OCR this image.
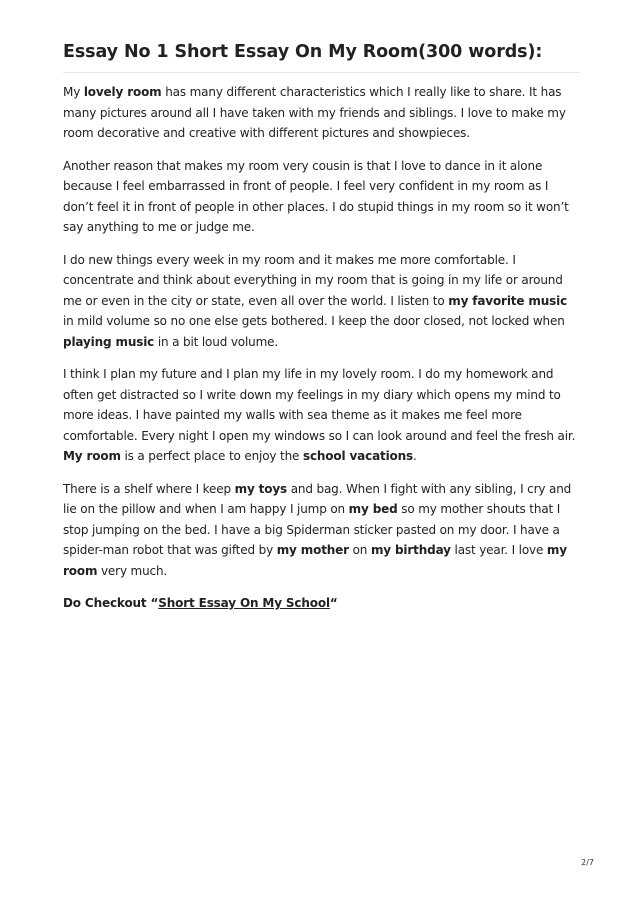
Essay No 1 Short Essay On My Room(300 words):

My lovely room has many different characteristics which I really like to share. It has many pictures around all I have taken with my friends and siblings. I love to make my room decorative and creative with different pictures and showpieces.

Another reason that makes my room very cousin is that I love to dance in it alone because I feel embarrassed in front of people. I feel very confident in my room as I don’t feel it in front of people in other places. I do stupid things in my room so it won’t say anything to me or judge me.

I do new things every week in my room and it makes me more comfortable. I concentrate and think about everything in my room that is going in my life or around me or even in the city or state, even all over the world. I listen to my favorite music in mild volume so no one else gets bothered. I keep the door closed, not locked when playing music in a bit loud volume.

I think I plan my future and I plan my life in my lovely room. I do my homework and often get distracted so I write down my feelings in my diary which opens my mind to more ideas. I have painted my walls with sea theme as it makes me feel more comfortable. Every night I open my windows so I can look around and feel the fresh air. My room is a perfect place to enjoy the school vacations.

There is a shelf where I keep my toys and bag. When I fight with any sibling, I cry and lie on the pillow and when I am happy I jump on my bed so my mother shouts that I stop jumping on the bed. I have a big Spiderman sticker pasted on my door. I have a spider-man robot that was gifted by my mother on my birthday last year. I love my room very much.

Do Checkout “Short Essay On My School“

2/7
